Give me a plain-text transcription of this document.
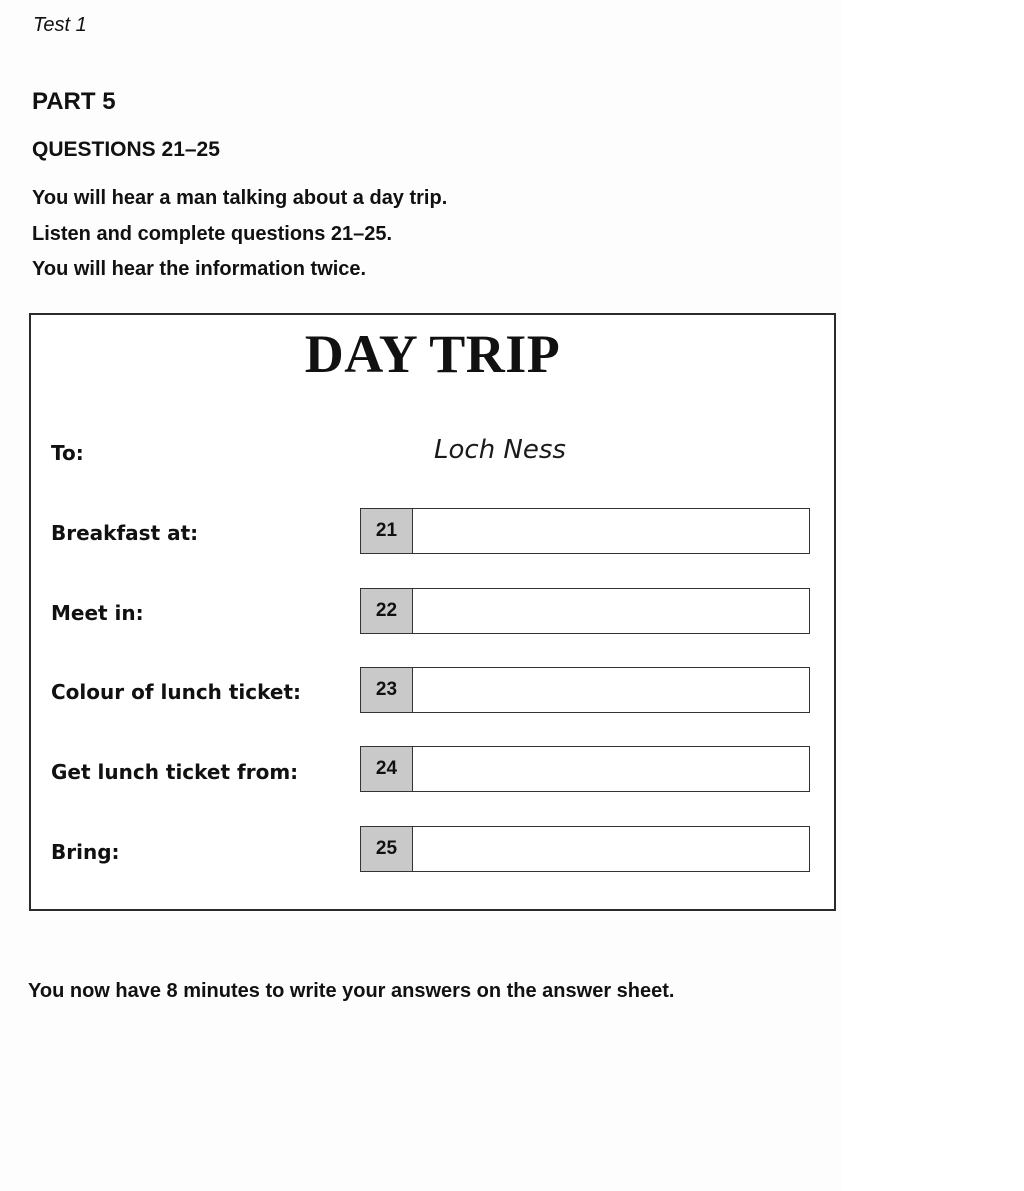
Test 1
PART 5
QUESTIONS 21–25
You will hear a man talking about a day trip.
Listen and complete questions 21–25.
You will hear the information twice.
DAY TRIP
To:	Loch Ness
Breakfast at:	21
Meet in:	22
Colour of lunch ticket:	23
Get lunch ticket from:	24
Bring:	25
You now have 8 minutes to write your answers on the answer sheet.
